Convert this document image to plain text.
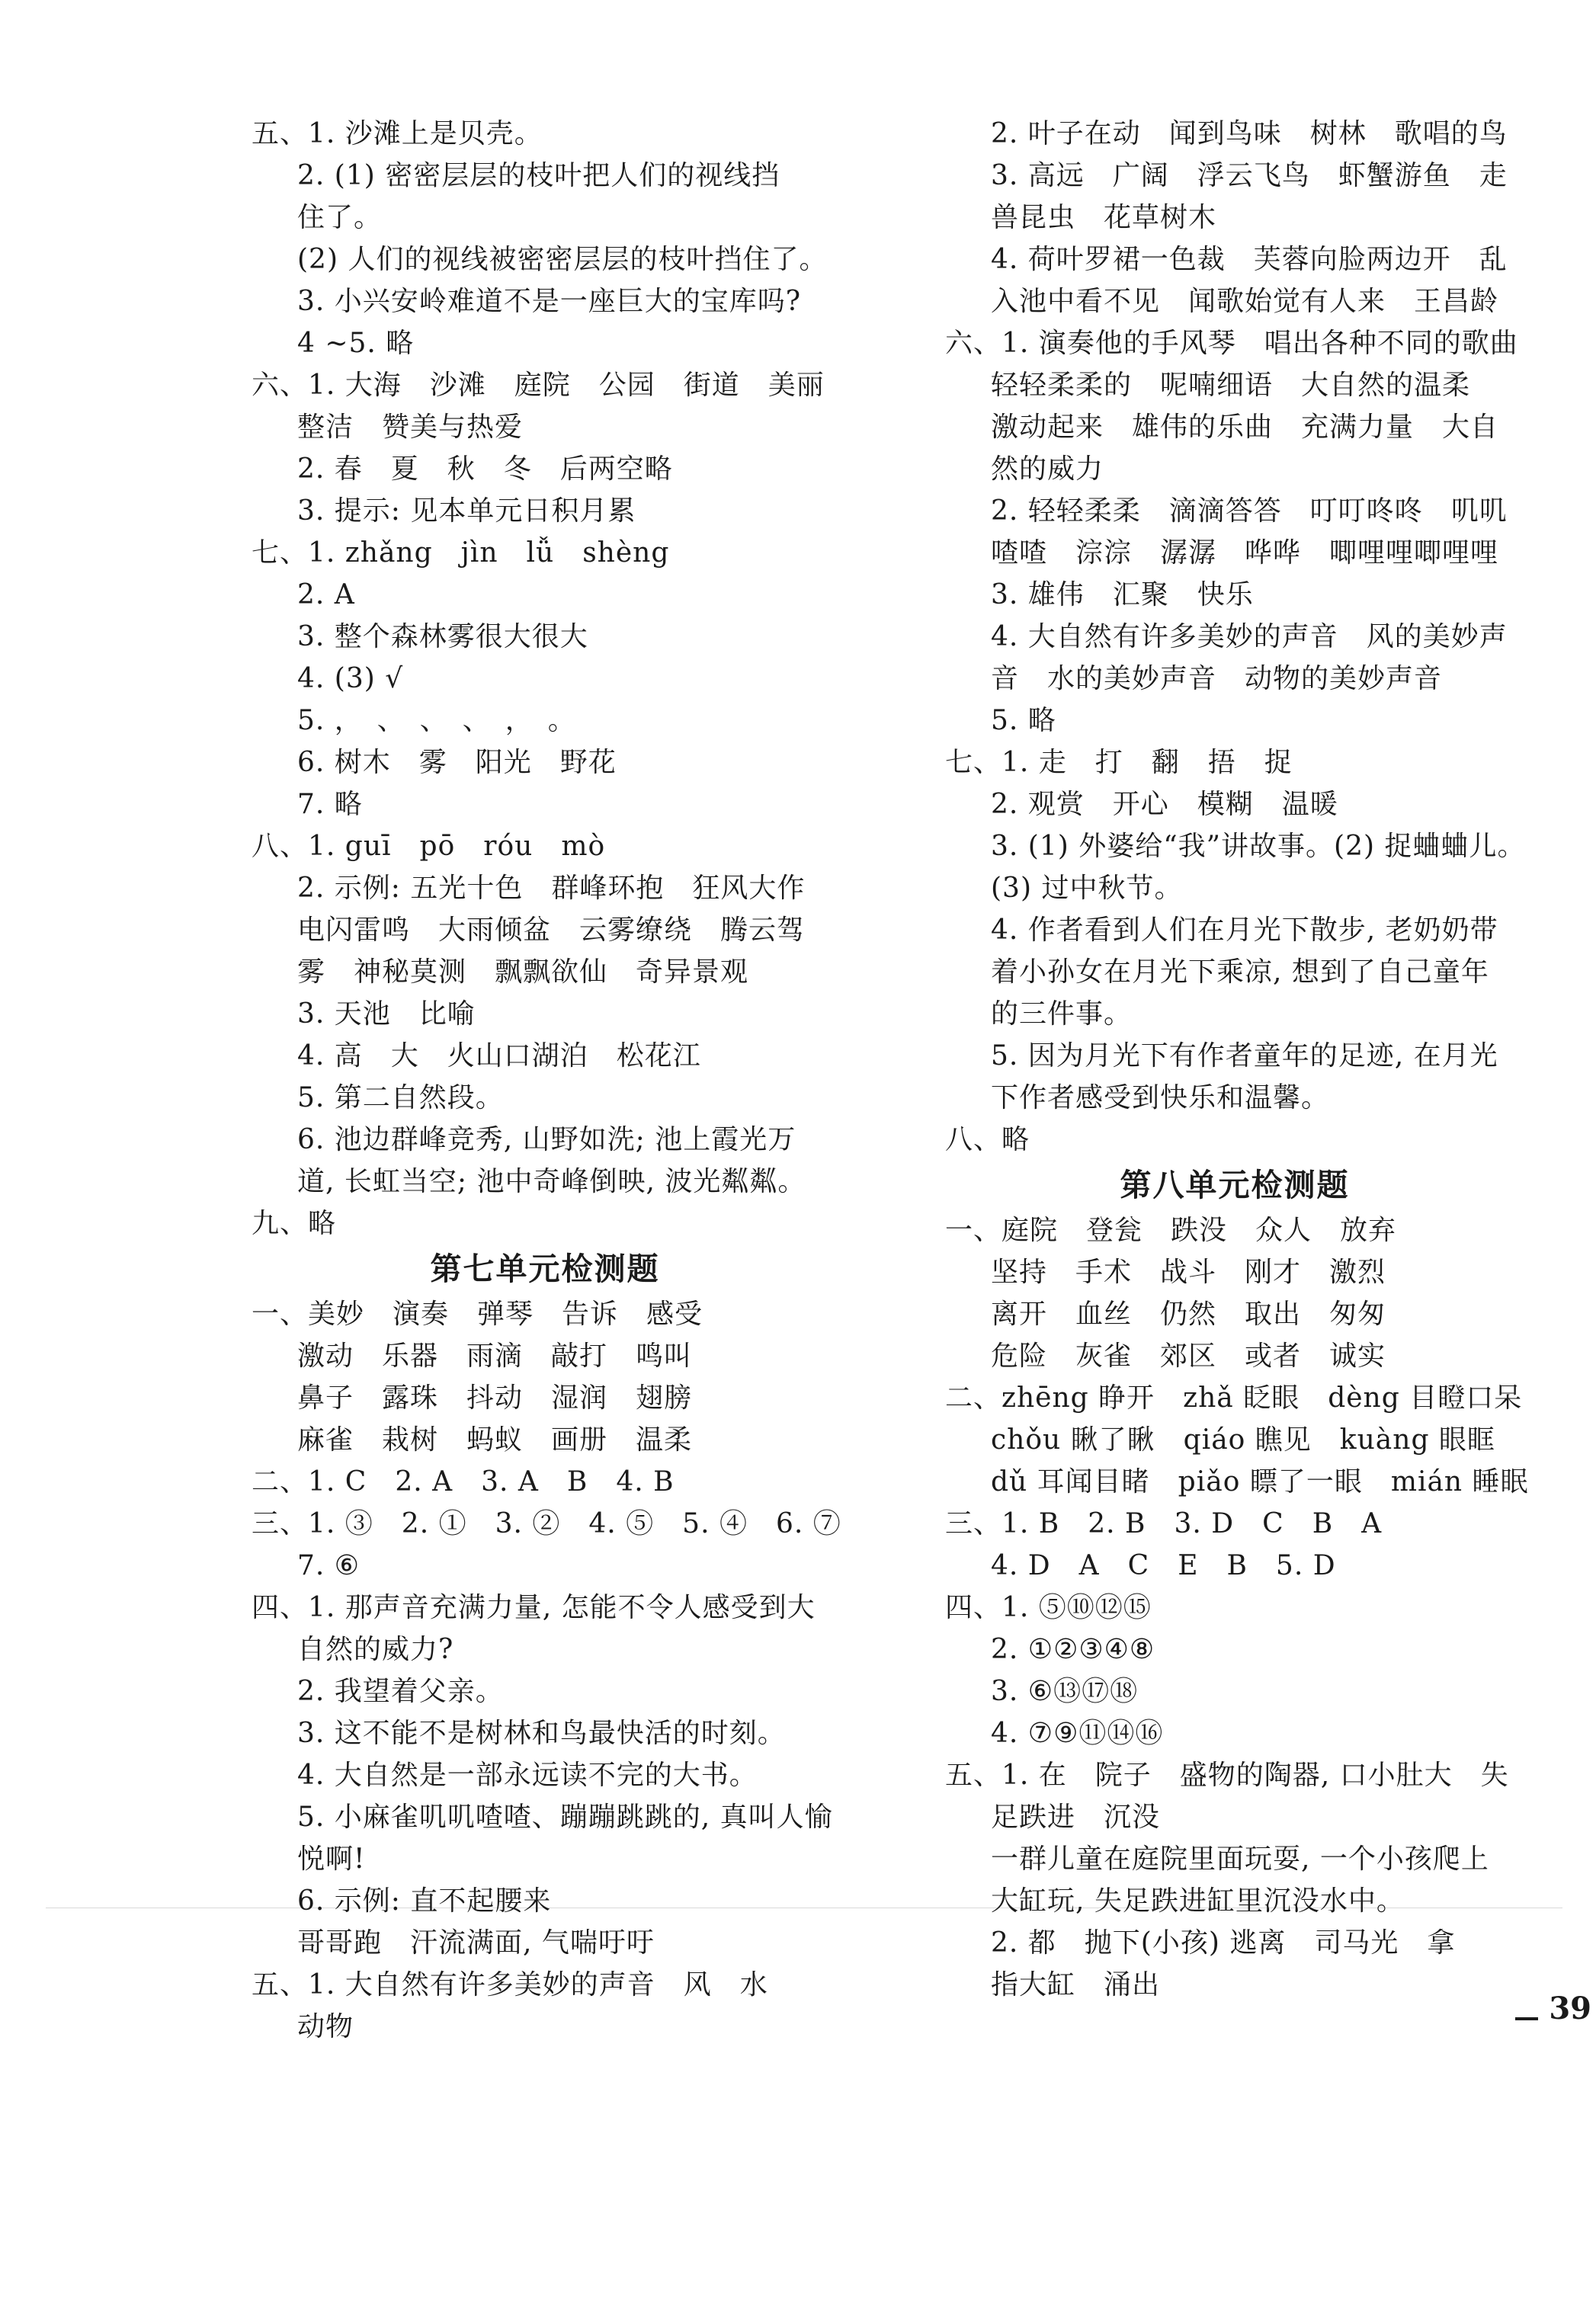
五、1. 沙滩上是贝壳。
2. (1) 密密层层的枝叶把人们的视线挡
住了。
(2) 人们的视线被密密层层的枝叶挡住了。
3. 小兴安岭难道不是一座巨大的宝库吗?
4 ~5. 略
六、1. 大海　沙滩　庭院　公园　街道　美丽
整洁　赞美与热爱
2. 春　夏　秋　冬　后两空略
3. 提示: 见本单元日积月累
七、1. zhǎng　jìn　lǚ　shèng
2. A
3. 整个森林雾很大很大
4. (3) √
5. ，　、　、　、　，　。
6. 树木　雾　阳光　野花
7. 略
八、1. guī　pō　róu　mò
2. 示例: 五光十色　群峰环抱　狂风大作
电闪雷鸣　大雨倾盆　云雾缭绕　腾云驾
雾　神秘莫测　飘飘欲仙　奇异景观
3. 天池　比喻
4. 高　大　火山口湖泊　松花江
5. 第二自然段。
6. 池边群峰竞秀, 山野如洗; 池上霞光万
道, 长虹当空; 池中奇峰倒映, 波光粼粼。
九、略
第七单元检测题
一、美妙　演奏　弹琴　告诉　感受
激动　乐器　雨滴　敲打　鸣叫
鼻子　露珠　抖动　湿润　翅膀
麻雀　栽树　蚂蚁　画册　温柔
二、1. C　2. A　3. A　B　4. B
三、1. ③　2. ①　3. ②　4. ⑤　5. ④　6. ⑦
7. ⑥
四、1. 那声音充满力量, 怎能不令人感受到大
自然的威力?
2. 我望着父亲。
3. 这不能不是树林和鸟最快活的时刻。
4. 大自然是一部永远读不完的大书。
5. 小麻雀叽叽喳喳、蹦蹦跳跳的, 真叫人愉
悦啊!
6. 示例: 直不起腰来
哥哥跑　汗流满面, 气喘吁吁
五、1. 大自然有许多美妙的声音　风　水
动物
2. 叶子在动　闻到鸟味　树林　歌唱的鸟
3. 高远　广阔　浮云飞鸟　虾蟹游鱼　走
兽昆虫　花草树木
4. 荷叶罗裙一色裁　芙蓉向脸两边开　乱
入池中看不见　闻歌始觉有人来　王昌龄
六、1. 演奏他的手风琴　唱出各种不同的歌曲
轻轻柔柔的　呢喃细语　大自然的温柔
激动起来　雄伟的乐曲　充满力量　大自
然的威力
2. 轻轻柔柔　滴滴答答　叮叮咚咚　叽叽
喳喳　淙淙　潺潺　哗哗　唧哩哩唧哩哩
3. 雄伟　汇聚　快乐
4. 大自然有许多美妙的声音　风的美妙声
音　水的美妙声音　动物的美妙声音
5. 略
七、1. 走　打　翻　捂　捉
2. 观赏　开心　模糊　温暖
3. (1) 外婆给“我”讲故事。(2) 捉蛐蛐儿。
(3) 过中秋节。
4. 作者看到人们在月光下散步, 老奶奶带
着小孙女在月光下乘凉, 想到了自己童年
的三件事。
5. 因为月光下有作者童年的足迹, 在月光
下作者感受到快乐和温馨。
八、略
第八单元检测题
一、庭院　登瓮　跌没　众人　放弃
坚持　手术　战斗　刚才　激烈
离开　血丝　仍然　取出　匆匆
危险　灰雀　郊区　或者　诚实
二、zhēng 睁开　zhǎ 眨眼　dèng 目瞪口呆
chǒu 瞅了瞅　qiáo 瞧见　kuàng 眼眶
dǔ 耳闻目睹　piǎo 瞟了一眼　mián 睡眠
三、1. B　2. B　3. D　C　B　A
4. D　A　C　E　B　5. D
四、1. ⑤⑩⑫⑮
2. ①②③④⑧
3. ⑥⑬⑰⑱
4. ⑦⑨⑪⑭⑯
五、1. 在　院子　盛物的陶器, 口小肚大　失
足跌进　沉没
一群儿童在庭院里面玩耍, 一个小孩爬上
大缸玩, 失足跌进缸里沉没水中。
2. 都　抛下(小孩) 逃离　司马光　拿
指大缸　涌出
39
